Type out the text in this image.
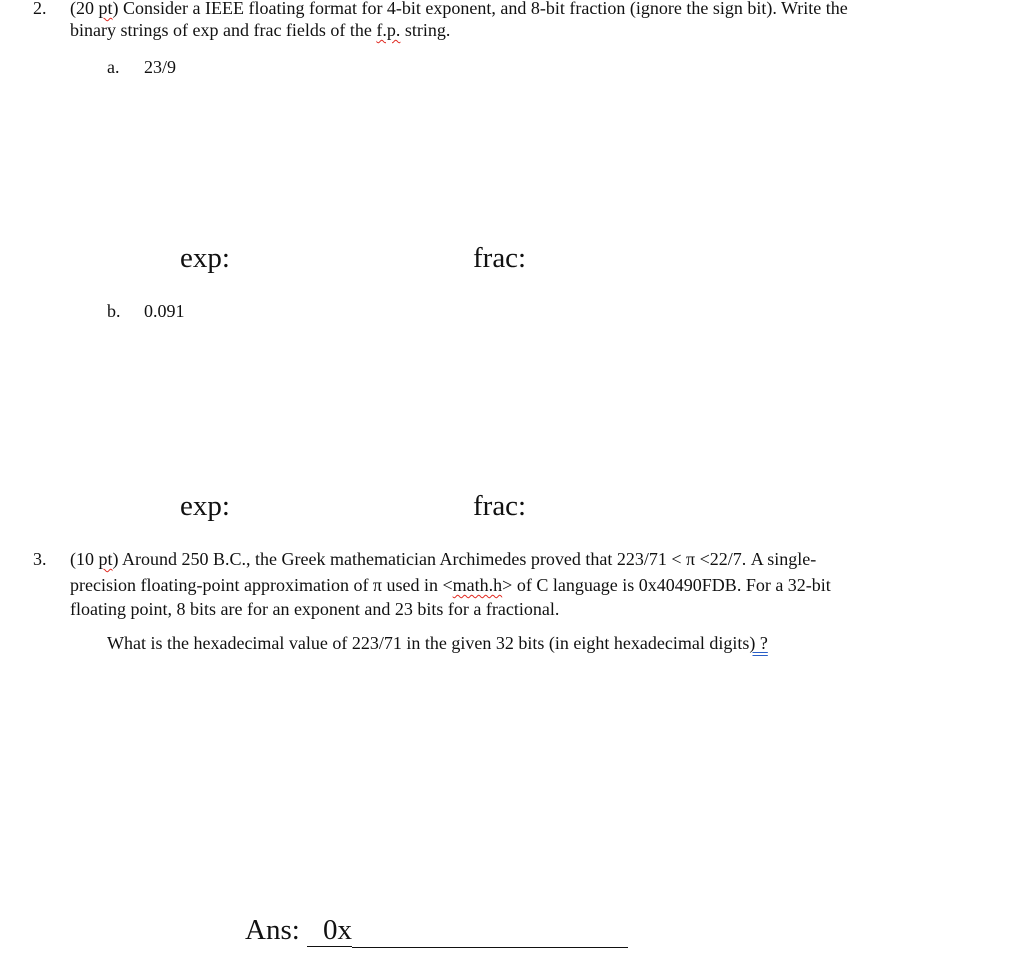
2. (20 pt) Consider a IEEE floating format for 4-bit exponent, and 8-bit fraction (ignore the sign bit). Write the
binary strings of exp and frac fields of the f.p. string.
a. 23/9
exp:	frac:
b. 0.091
exp:	frac:
3. (10 pt) Around 250 B.C., the Greek mathematician Archimedes proved that 223/71 < π <22/7. A single-
precision floating-point approximation of π used in <math.h> of C language is 0x40490FDB. For a 32-bit
floating point, 8 bits are for an exponent and 23 bits for a fractional.
What is the hexadecimal value of 223/71 in the given 32 bits (in eight hexadecimal digits) ?
Ans: 0x
